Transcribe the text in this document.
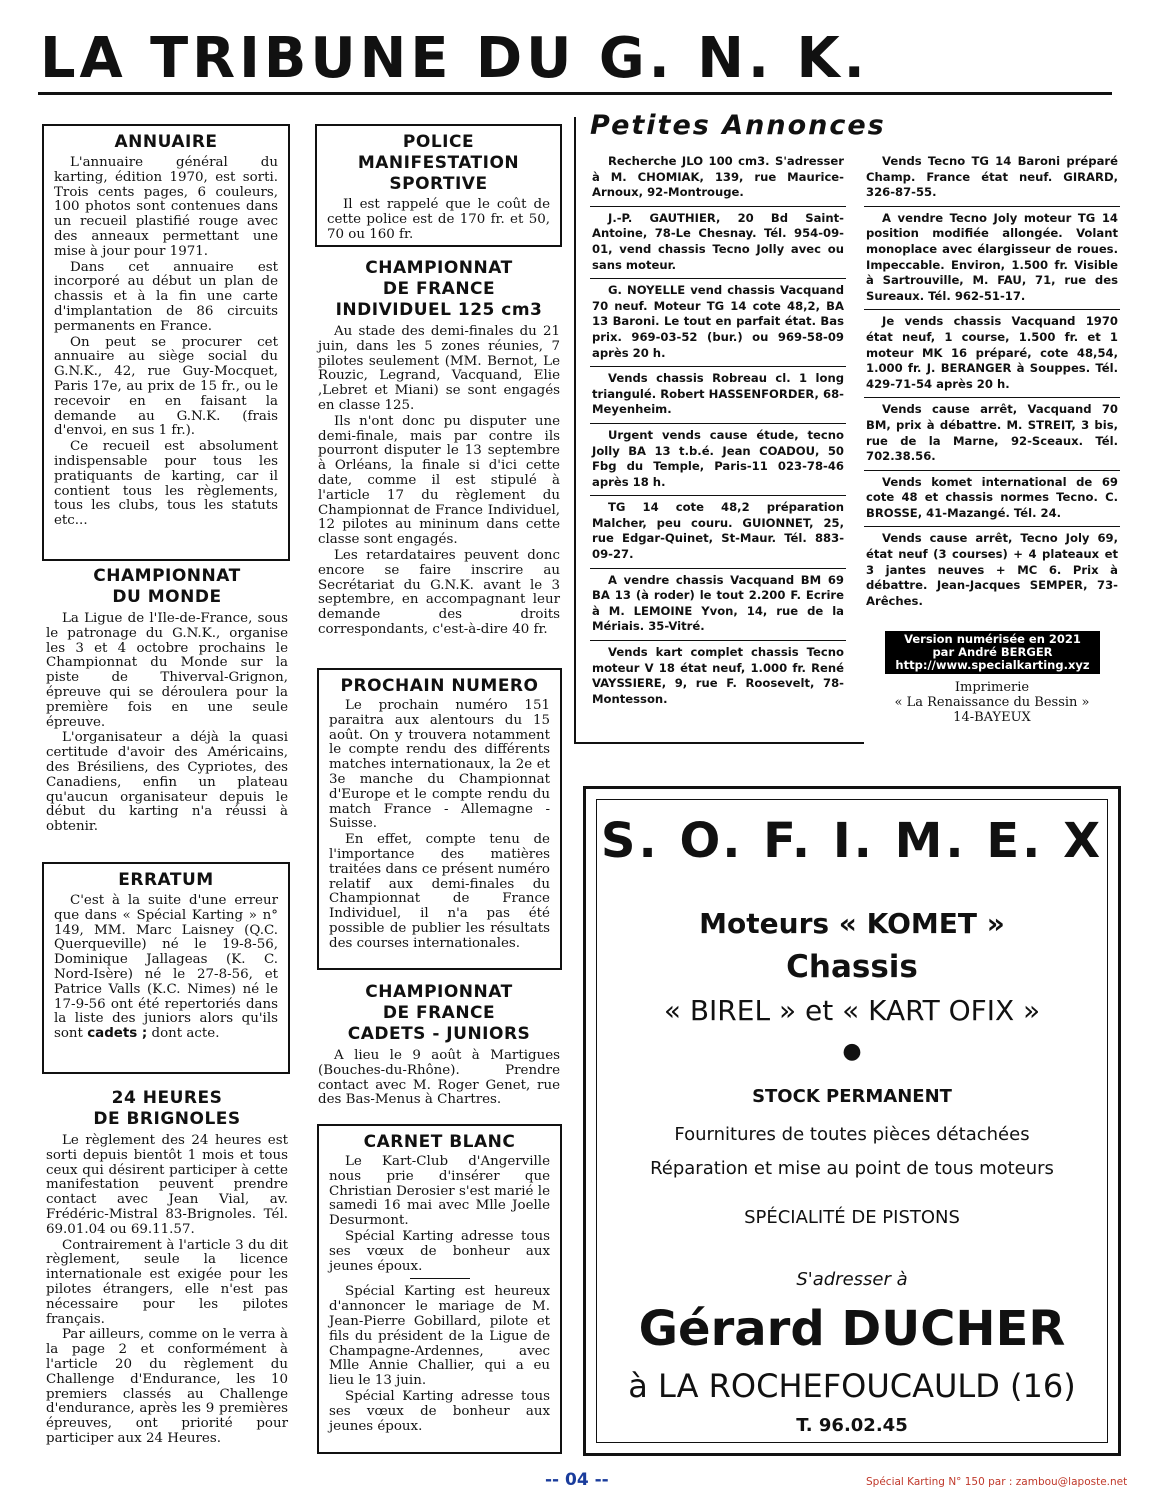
LA TRIBUNE DU G. N. K.
ANNUAIRE

L'annuaire général du karting, édition 1970, est sorti. Trois cents pages, 6 couleurs, 100 photos sont contenues dans un recueil plastifié rouge avec des anneaux permettant une mise à jour pour 1971.

Dans cet annuaire est incorporé au début un plan de chassis et à la fin une carte d'implantation de 86 circuits permanents en France.

On peut se procurer cet annuaire au siège social du G.N.K., 42, rue Guy-Mocquet, Paris 17e, au prix de 15 fr., ou le recevoir en en faisant la demande au G.N.K. (frais d'envoi, en sus 1 fr.).

Ce recueil est absolument indispensable pour tous les pratiquants de karting, car il contient tous les règlements, tous les clubs, tous les statuts etc...

CHAMPIONNAT
DU MONDE

La Ligue de l'Ile-de-France, sous le patronage du G.N.K., organise les 3 et 4 octobre prochains le Championnat du Monde sur la piste de Thiverval-Grignon, épreuve qui se déroulera pour la première fois en une seule épreuve.

L'organisateur a déjà la quasi certitude d'avoir des Américains, des Brésiliens, des Cypriotes, des Canadiens, enfin un plateau qu'aucun organisateur depuis le début du karting n'a réussi à obtenir.

ERRATUM

C'est à la suite d'une erreur que dans « Spécial Karting » n° 149, MM. Marc Laisney (Q.C. Querqueville) né le 19-8-56, Dominique Jallageas (K. C. Nord-Isère) né le 27-8-56, et Patrice Valls (K.C. Nimes) né le 17-9-56 ont été repertoriés dans la liste des juniors alors qu'ils sont cadets ; dont acte.

24 HEURES
DE BRIGNOLES

Le règlement des 24 heures est sorti depuis bientôt 1 mois et tous ceux qui désirent participer à cette manifestation peuvent prendre contact avec Jean Vial, av. Frédéric-Mistral 83-Brignoles. Tél. 69.01.04 ou 69.11.57.

Contrairement à l'article 3 du dit règlement, seule la licence internationale est exigée pour les pilotes étrangers, elle n'est pas nécessaire pour les pilotes français.

Par ailleurs, comme on le verra à la page 2 et conformément à l'article 20 du règlement du Challenge d'Endurance, les 10 premiers classés au Challenge d'endurance, après les 9 premières épreuves, ont priorité pour participer aux 24 Heures.

POLICE
MANIFESTATION
SPORTIVE

Il est rappelé que le coût de cette police est de 170 fr. et 50, 70 ou 160 fr.

CHAMPIONNAT
DE FRANCE
INDIVIDUEL 125 cm3

Au stade des demi-finales du 21 juin, dans les 5 zones réunies, 7 pilotes seulement (MM. Bernot, Le Rouzic, Legrand, Vacquand, Elie ,Lebret et Miani) se sont engagés en classe 125.

Ils n'ont donc pu disputer une demi-finale, mais par contre ils pourront disputer le 13 septembre à Orléans, la finale si d'ici cette date, comme il est stipulé à l'article 17 du règlement du Championnat de France Individuel, 12 pilotes au mininum dans cette classe sont engagés.

Les retardataires peuvent donc encore se faire inscrire au Secrétariat du G.N.K. avant le 3 septembre, en accompagnant leur demande des droits correspondants, c'est-à-dire 40 fr.

PROCHAIN NUMERO

Le prochain numéro 151 paraitra aux alentours du 15 août. On y trouvera notamment le compte rendu des différents matches internationaux, la 2e et 3e manche du Championnat d'Europe et le compte rendu du match France - Allemagne - Suisse.

En effet, compte tenu de l'importance des matières traitées dans ce présent numéro relatif aux demi-finales du Championnat de France Individuel, il n'a pas été possible de publier les résultats des courses internationales.

CHAMPIONNAT
DE FRANCE
CADETS - JUNIORS

A lieu le 9 août à Martigues (Bouches-du-Rhône). Prendre contact avec M. Roger Genet, rue des Bas-Menus à Chartres.

CARNET BLANC

Le Kart-Club d'Angerville nous prie d'insérer que Christian Derosier s'est marié le samedi 16 mai avec Mlle Joelle Desurmont.

Spécial Karting adresse tous ses vœux de bonheur aux jeunes époux.

Spécial Karting est heureux d'annoncer le mariage de M. Jean-Pierre Gobillard, pilote et fils du président de la Ligue de Champagne-Ardennes, avec Mlle Annie Challier, qui a eu lieu le 13 juin.

Spécial Karting adresse tous ses vœux de bonheur aux jeunes époux.

Petites Annonces
Recherche JLO 100 cm3. S'adresser à M. CHOMIAK, 139, rue Maurice-Arnoux, 92-Montrouge.
J.-P. GAUTHIER, 20 Bd Saint-Antoine, 78-Le Chesnay. Tél. 954-09-01, vend chassis Tecno Jolly avec ou sans moteur.
G. NOYELLE vend chassis Vacquand 70 neuf. Moteur TG 14 cote 48,2, BA 13 Baroni. Le tout en parfait état. Bas prix. 969-03-52 (bur.) ou 969-58-09 après 20 h.
Vends chassis Robreau cl. 1 long triangulé. Robert HASSENFORDER, 68-Meyenheim.
Urgent vends cause étude, tecno Jolly BA 13 t.b.é. Jean COADOU, 50 Fbg du Temple, Paris-11 023-78-46 après 18 h.
TG 14 cote 48,2 préparation Malcher, peu couru. GUIONNET, 25, rue Edgar-Quinet, St-Maur. Tél. 883-09-27.
A vendre chassis Vacquand BM 69 BA 13 (à roder) le tout 2.200 F. Ecrire à M. LEMOINE Yvon, 14, rue de la Mériais. 35-Vitré.
Vends kart complet chassis Tecno moteur V 18 état neuf, 1.000 fr. René VAYSSIERE, 9, rue F. Roosevelt, 78-Montesson.
Vends Tecno TG 14 Baroni préparé Champ. France état neuf. GIRARD, 326-87-55.
A vendre Tecno Joly moteur TG 14 position modifiée allongée. Volant monoplace avec élargisseur de roues. Impeccable. Environ, 1.500 fr. Visible à Sartrouville, M. FAU, 71, rue des Sureaux. Tél. 962-51-17.
Je vends chassis Vacquand 1970 état neuf, 1 course, 1.500 fr. et 1 moteur MK 16 préparé, cote 48,54, 1.000 fr. J. BERANGER à Souppes. Tél. 429-71-54 après 20 h.
Vends cause arrêt, Vacquand 70 BM, prix à débattre. M. STREIT, 3 bis, rue de la Marne, 92-Sceaux. Tél. 702.38.56.
Vends komet international de 69 cote 48 et chassis normes Tecno. C. BROSSE, 41-Mazangé. Tél. 24.
Vends cause arrêt, Tecno Joly 69, état neuf (3 courses) + 4 plateaux et 3 jantes neuves + MC 6. Prix à débattre. Jean-Jacques SEMPER, 73-Arêches.
Version numérisée en 2021
par André BERGER
http://www.specialkarting.xyz
Imprimerie
« La Renaissance du Bessin »
14-BAYEUX
S. O. F. I. M. E. X
Moteurs « KOMET »
Chassis
« BIREL » et « KART OFIX »
●
STOCK PERMANENT
Fournitures de toutes pièces détachées
Réparation et mise au point de tous moteurs
SPÉCIALITÉ DE PISTONS
S'adresser à
Gérard DUCHER
à LA ROCHEFOUCAULD (16)
T. 96.02.45
-- 04 --	Spécial Karting N° 150 par : zambou@laposte.net
